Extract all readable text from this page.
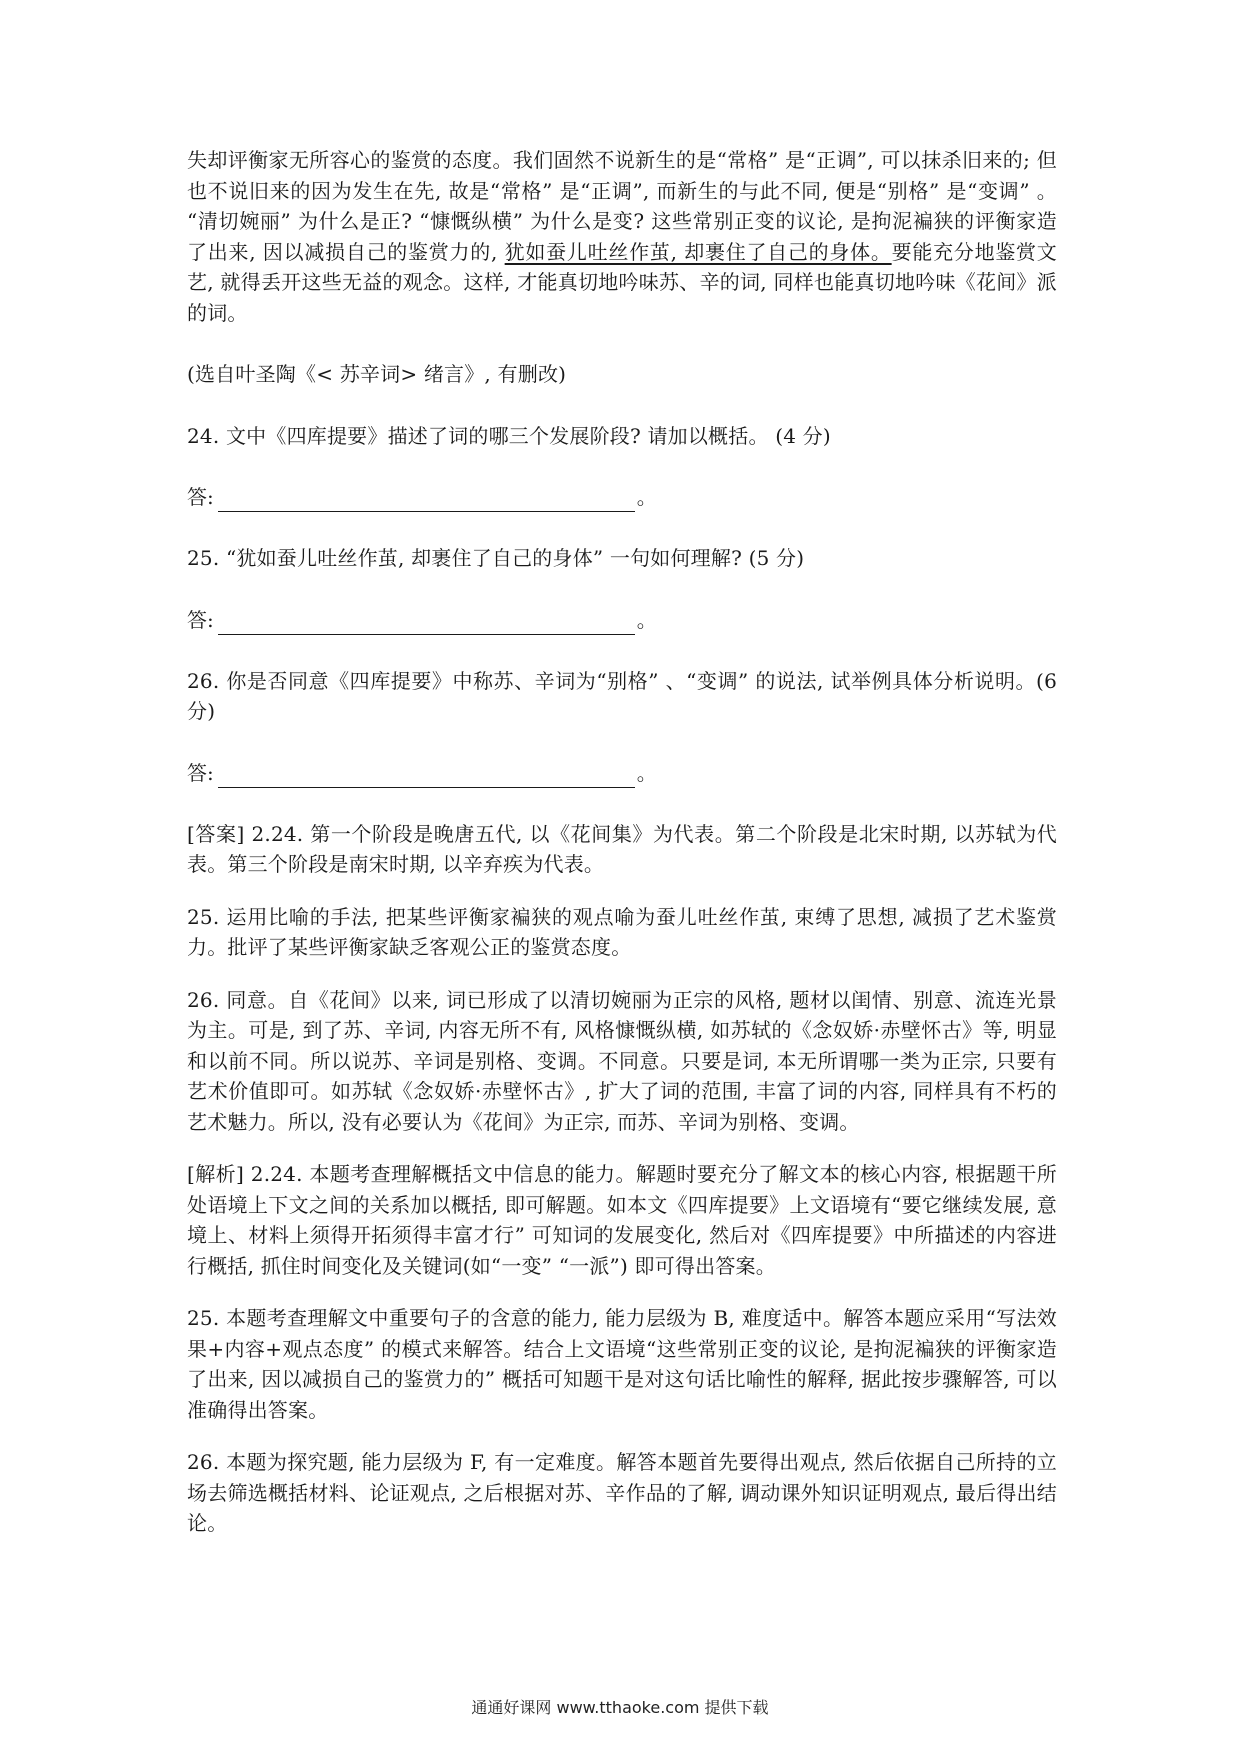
失却评衡家无所容心的鉴赏的态度。我们固然不说新生的是“常格” 是“正调”, 可以抹杀旧来的; 但也不说旧来的因为发生在先, 故是“常格” 是“正调”, 而新生的与此不同, 便是“别格” 是“变调” 。 “清切婉丽” 为什么是正? “慷慨纵横” 为什么是变? 这些常别正变的议论, 是拘泥褊狭的评衡家造了出来, 因以减损自己的鉴赏力的, 犹如蚕儿吐丝作茧, 却裹住了自己的身体。要能充分地鉴赏文艺, 就得丢开这些无益的观念。这样, 才能真切地吟味苏、辛的词, 同样也能真切地吟味《花间》派的词。

(选自叶圣陶《< 苏辛词> 绪言》, 有删改)

24. 文中《四库提要》描述了词的哪三个发展阶段? 请加以概括。 (4 分)

答:	。

25. “犹如蚕儿吐丝作茧, 却裹住了自己的身体” 一句如何理解? (5 分)

答:	。

26. 你是否同意《四库提要》中称苏、辛词为“别格” 、“变调” 的说法, 试举例具体分析说明。(6 分)

答:	。

[答案] 2.24. 第一个阶段是晚唐五代, 以《花间集》为代表。第二个阶段是北宋时期, 以苏轼为代表。第三个阶段是南宋时期, 以辛弃疾为代表。

25. 运用比喻的手法, 把某些评衡家褊狭的观点喻为蚕儿吐丝作茧, 束缚了思想, 减损了艺术鉴赏力。批评了某些评衡家缺乏客观公正的鉴赏态度。

26. 同意。自《花间》以来, 词已形成了以清切婉丽为正宗的风格, 题材以闺情、别意、流连光景为主。可是, 到了苏、辛词, 内容无所不有, 风格慷慨纵横, 如苏轼的《念奴娇·赤壁怀古》等, 明显和以前不同。所以说苏、辛词是别格、变调。不同意。只要是词, 本无所谓哪一类为正宗, 只要有艺术价值即可。如苏轼《念奴娇·赤壁怀古》, 扩大了词的范围, 丰富了词的内容, 同样具有不朽的艺术魅力。所以, 没有必要认为《花间》为正宗, 而苏、辛词为别格、变调。

[解析] 2.24. 本题考查理解概括文中信息的能力。解题时要充分了解文本的核心内容, 根据题干所处语境上下文之间的关系加以概括, 即可解题。如本文《四库提要》上文语境有“要它继续发展, 意境上、材料上须得开拓须得丰富才行” 可知词的发展变化, 然后对《四库提要》中所描述的内容进行概括, 抓住时间变化及关键词(如“一变” “一派”) 即可得出答案。

25. 本题考查理解文中重要句子的含意的能力, 能力层级为 B, 难度适中。解答本题应采用“写法效果+内容+观点态度” 的模式来解答。结合上文语境“这些常别正变的议论, 是拘泥褊狭的评衡家造了出来, 因以减损自己的鉴赏力的” 概括可知题干是对这句话比喻性的解释, 据此按步骤解答, 可以准确得出答案。

26. 本题为探究题, 能力层级为 F, 有一定难度。解答本题首先要得出观点, 然后依据自己所持的立场去筛选概括材料、论证观点, 之后根据对苏、辛作品的了解, 调动课外知识证明观点, 最后得出结论。

通通好课网 www.tthaoke.com 提供下载
